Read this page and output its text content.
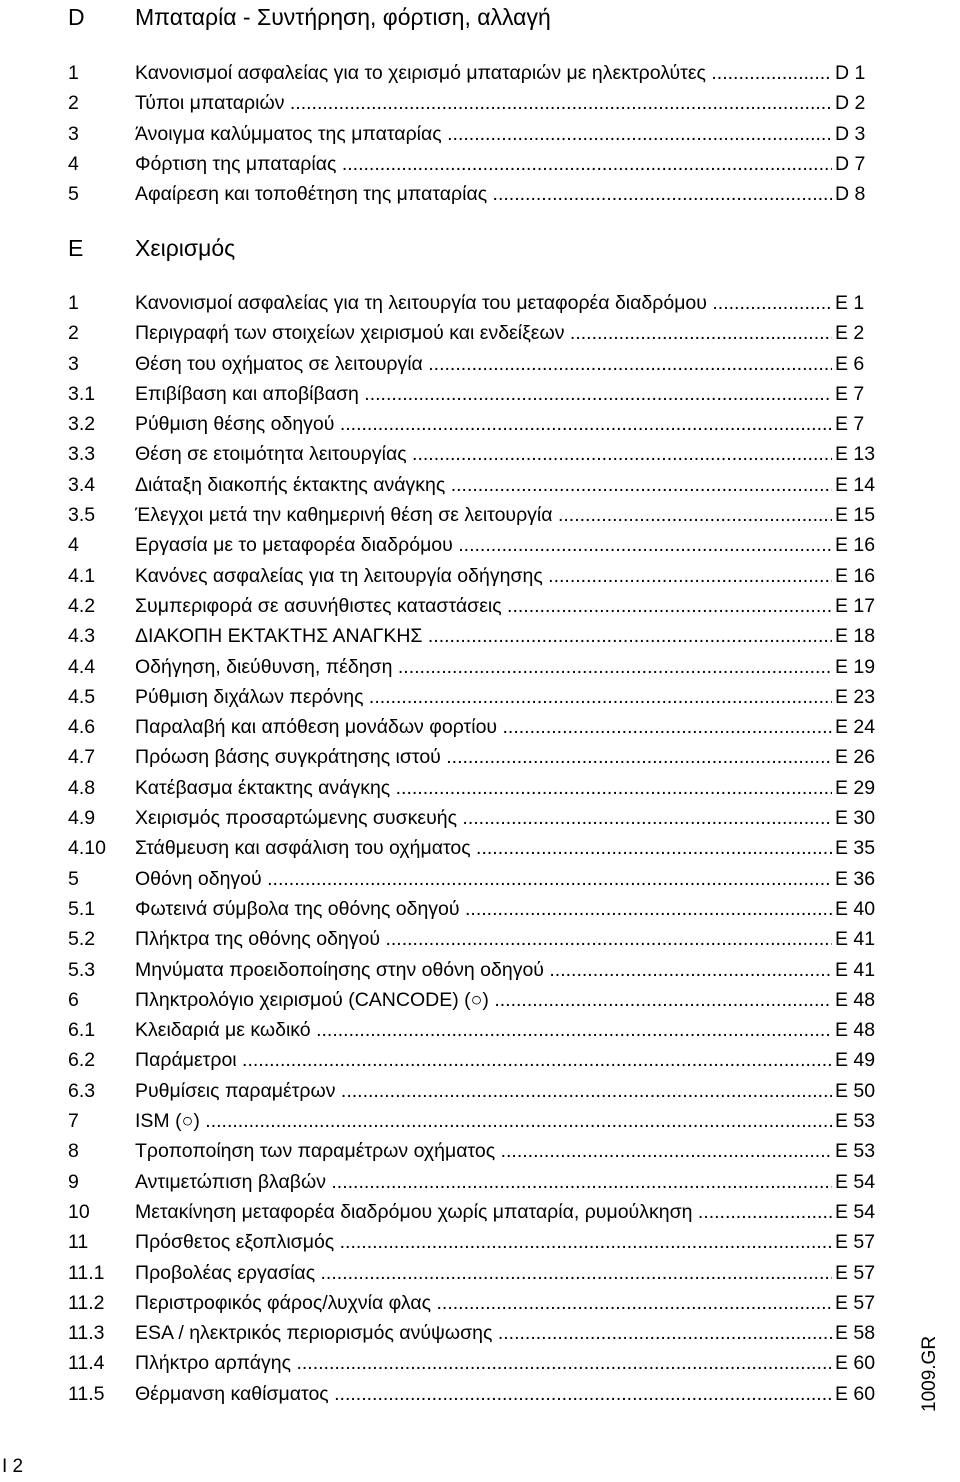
D Μπαταρία - Συντήρηση, φόρτιση, αλλαγή
1	Κανονισμοί ασφαλείας για το χειρισμό μπαταριών με ηλεκτρολύτες .....	D 1
2	Τύποι μπαταριών .....	D 2
3	Άνοιγμα καλύμματος της μπαταρίας .....	D 3
4	Φόρτιση της μπαταρίας .....	D 7
5	Αφαίρεση και τοποθέτηση της μπαταρίας .....	D 8
E Χειρισμός
1	Κανονισμοί ασφαλείας για τη λειτουργία του μεταφορέα διαδρόμου .....	E 1
2	Περιγραφή των στοιχείων χειρισμού και ενδείξεων .....	E 2
3	Θέση του οχήματος σε λειτουργία .....	E 6
3.1 Επιβίβαση και αποβίβαση .....	E 7
3.2 Ρύθμιση θέσης οδηγού .....	E 7
3.3 Θέση σε ετοιμότητα λειτουργίας .....	E 13
3.4 Διάταξη διακοπής έκτακτης ανάγκης .....	E 14
3.5 Έλεγχοι μετά την καθημερινή θέση σε λειτουργία .....	E 15
4	Εργασία με το μεταφορέα διαδρόμου .....	E 16
4.1 Κανόνες ασφαλείας για τη λειτουργία οδήγησης .....	E 16
4.2 Συμπεριφορά σε ασυνήθιστες καταστάσεις .....	E 17
4.3 ΔΙΑΚΟΠΗ ΕΚΤΑΚΤΗΣ ΑΝΑΓΚΗΣ .....	E 18
4.4 Οδήγηση, διεύθυνση, πέδηση .....	E 19
4.5 Ρύθμιση διχάλων περόνης .....	E 23
4.6 Παραλαβή και απόθεση μονάδων φορτίου .....	E 24
4.7 Πρόωση βάσης συγκράτησης ιστού .....	E 26
4.8 Κατέβασμα έκτακτης ανάγκης .....	E 29
4.9 Χειρισμός προσαρτώμενης συσκευής .....	E 30
4.10 Στάθμευση και ασφάλιση του οχήματος .....	E 35
5	Οθόνη οδηγού .....	E 36
5.1 Φωτεινά σύμβολα της οθόνης οδηγού .....	E 40
5.2 Πλήκτρα της οθόνης οδηγού .....	E 41
5.3 Μηνύματα προειδοποίησης στην οθόνη οδηγού .....	E 41
6	Πληκτρολόγιο χειρισμού (CANCODE) (○) .....	E 48
6.1 Κλειδαριά με κωδικό .....	E 48
6.2 Παράμετροι .....	E 49
6.3 Ρυθμίσεις παραμέτρων .....	E 50
7	ISM (○) .....	E 53
8	Τροποποίηση των παραμέτρων οχήματος .....	E 53
9	Αντιμετώπιση βλαβών .....	E 54
10 Μετακίνηση μεταφορέα διαδρόμου χωρίς μπαταρία, ρυμούλκηση .....	E 54
11 Πρόσθετος εξοπλισμός .....	E 57
11.1 Προβολέας εργασίας .....	E 57
11.2 Περιστροφικός φάρος/λυχνία φλας .....	E 57
11.3 ESA / ηλεκτρικός περιορισμός ανύψωσης .....	E 58
11.4 Πλήκτρο αρπάγης .....	E 60
11.5 Θέρμανση καθίσματος .....	E 60	1009.GR
I 2
